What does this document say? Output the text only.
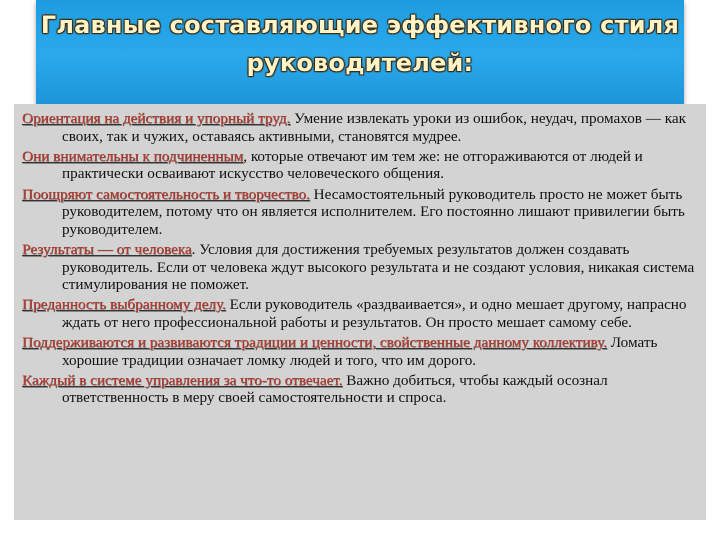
Главные составляющие эффективного стиля
руководителей:

Ориентация на действия и упорный труд. Умение извлекать уроки из ошибок, неудач, промахов — как своих, так и чужих, оставаясь активными, становятся мудрее.

Они внимательны к подчиненным, которые отвечают им тем же: не отгораживаются от людей и практически осваивают искусство человеческого общения.

Поощряют самостоятельность и творчество. Несамостоятельный руководитель просто не может быть руководителем, потому что он является исполнителем. Его постоянно лишают привилегии быть руководителем.

Результаты — от человека. Условия для достижения требуемых результатов должен создавать руководитель. Если от человека ждут высокого результата и не создают условия, никакая система стимулирования не поможет.

Преданность выбранному делу. Если руководитель «раздваивается», и одно мешает другому, напрасно ждать от него профессиональной работы и результатов. Он просто мешает самому себе.

Поддерживаются и развиваются традиции и ценности, свойственные данному коллективу. Ломать хорошие традиции означает ломку людей и того, что им дорого.

Каждый в системе управления за что-то отвечает. Важно добиться, чтобы каждый осознал ответственность в меру своей самостоятельности и спроса.
